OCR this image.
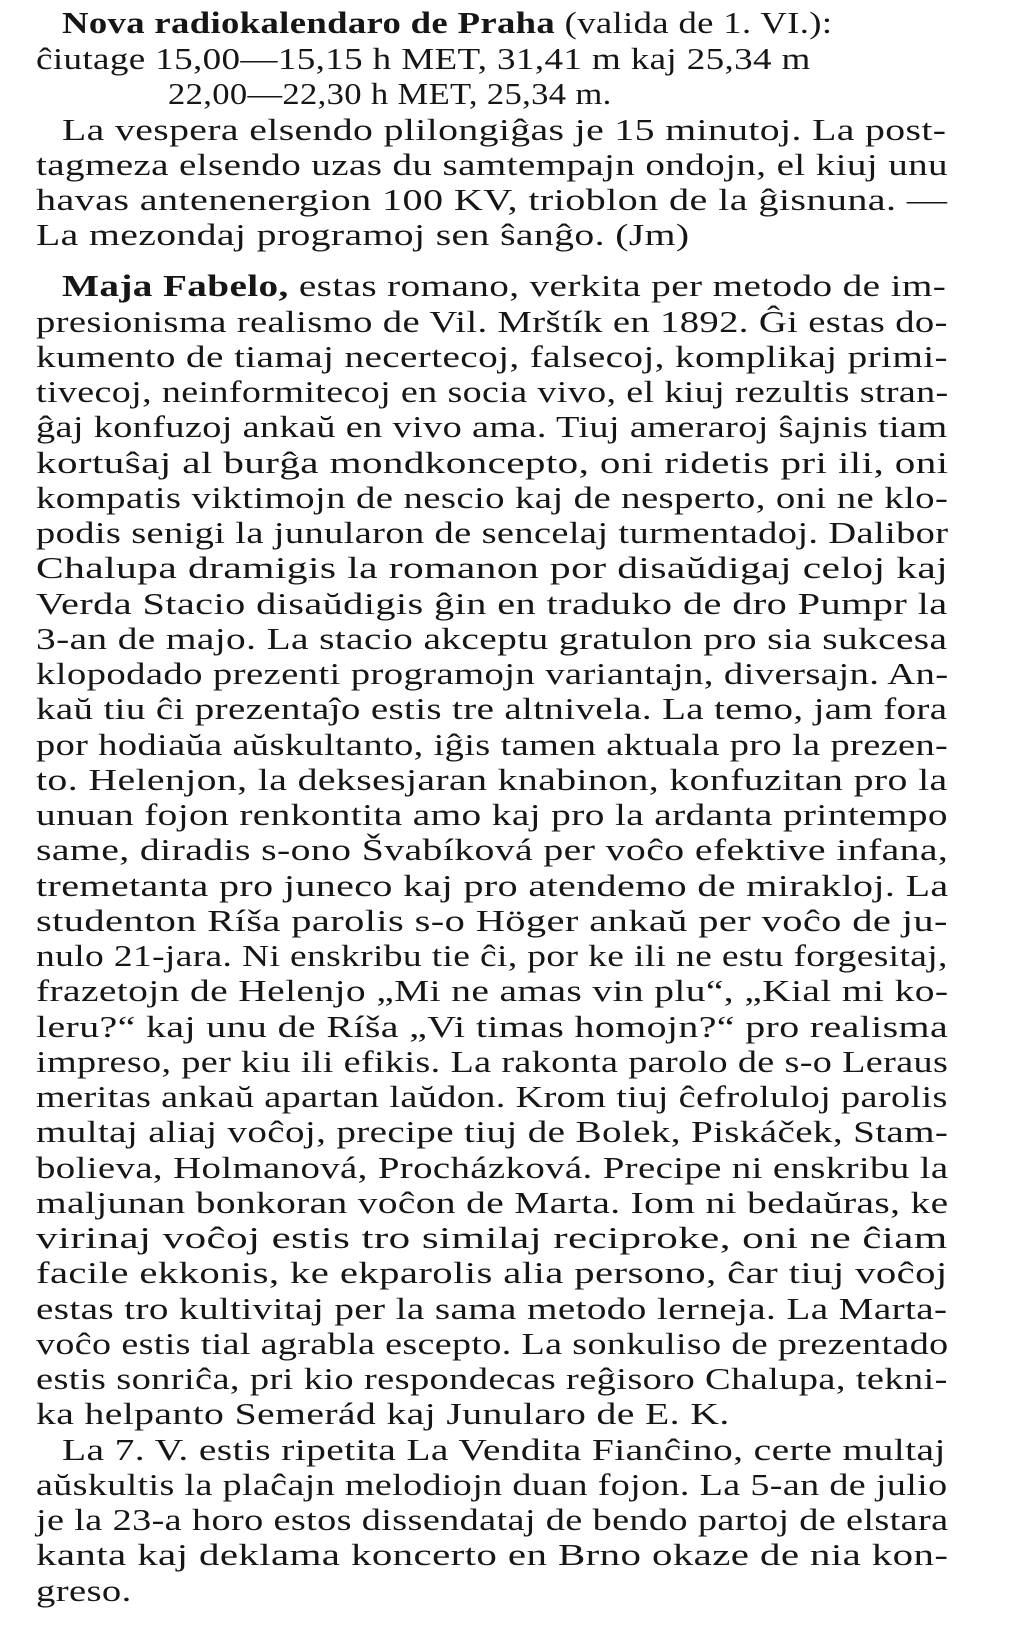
Nova radiokalendaro de Praha (valida de 1. VI.):
ĉiutage 15,00—15,15 h MET, 31,41 m kaj 25,34 m
22,00—22,30 h MET, 25,34 m.
La vespera elsendo plilongiĝas je 15 minutoj. La post-
tagmeza elsendo uzas du samtempajn ondojn, el kiuj unu
havas antenenergion 100 KV, trioblon de la ĝisnuna. —
La mezondaj programoj sen ŝanĝo. (Jm)
Maja Fabelo, estas romano, verkita per metodo de im-
presionisma realismo de Vil. Mrštík en 1892. Ĝi estas do-
kumento de tiamaj necertecoj, falsecoj, komplikaj primi-
tivecoj, neinformitecoj en socia vivo, el kiuj rezultis stran-
ĝaj konfuzoj ankaŭ en vivo ama. Tiuj ameraroj ŝajnis tiam
kortuŝaj al burĝa mondkoncepto, oni ridetis pri ili, oni
kompatis viktimojn de nescio kaj de nesperto, oni ne klo-
podis senigi la junularon de sencelaj turmentadoj. Dalibor
Chalupa dramigis la romanon por disaŭdigaj celoj kaj
Verda Stacio disaŭdigis ĝin en traduko de dro Pumpr la
3-an de majo. La stacio akceptu gratulon pro sia sukcesa
klopodado prezenti programojn variantajn, diversajn. An-
kaŭ tiu ĉi prezentaĵo estis tre altnivela. La temo, jam fora
por hodiaŭa aŭskultanto, iĝis tamen aktuala pro la prezen-
to. Helenjon, la deksesjaran knabinon, konfuzitan pro la
unuan fojon renkontita amo kaj pro la ardanta printempo
same, diradis s-ono Švabíková per voĉo efektive infana,
tremetanta pro juneco kaj pro atendemo de mirakloj. La
studenton Ríša parolis s-o Höger ankaŭ per voĉo de ju-
nulo 21-jara. Ni enskribu tie ĉi, por ke ili ne estu forgesitaj,
frazetojn de Helenjo „Mi ne amas vin plu“, „Kial mi ko-
leru?“ kaj unu de Ríša „Vi timas homojn?“ pro realisma
impreso, per kiu ili efikis. La rakonta parolo de s-o Leraus
meritas ankaŭ apartan laŭdon. Krom tiuj ĉefroluloj parolis
multaj aliaj voĉoj, precipe tiuj de Bolek, Piskáček, Stam-
bolieva, Holmanová, Procházková. Precipe ni enskribu la
maljunan bonkoran voĉon de Marta. Iom ni bedaŭras, ke
virinaj voĉoj estis tro similaj reciproke, oni ne ĉiam
facile ekkonis, ke ekparolis alia persono, ĉar tiuj voĉoj
estas tro kultivitaj per la sama metodo lerneja. La Marta-
voĉo estis tial agrabla escepto. La sonkuliso de prezentado
estis sonriĉa, pri kio respondecas reĝisoro Chalupa, tekni-
ka helpanto Semerád kaj Junularo de E. K.
La 7. V. estis ripetita La Vendita Fianĉino, certe multaj
aŭskultis la plaĉajn melodiojn duan fojon. La 5-an de julio
je la 23-a horo estos dissendataj de bendo partoj de elstara
kanta kaj deklama koncerto en Brno okaze de nia kon-
greso.
